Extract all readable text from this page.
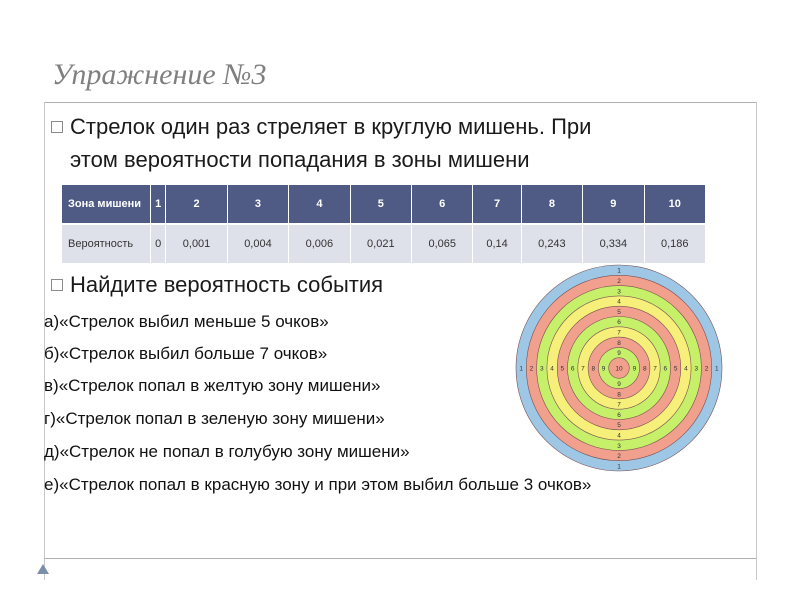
Упражнение №3
Стрелок один раз стреляет в круглую мишень. При
этом вероятности попадания в зоны мишени
Зона мишени	1	2	3	4	5	6	7	8	9	10
Вероятность	0	0,001	0,004	0,006	0,021	0,065	0,14	0,243	0,334	0,186
Найдите вероятность события
а)«Стрелок выбил меньше 5 очков»
б)«Стрелок выбил больше 7 очков»
в)«Стрелок попал в желтую зону мишени»
г)«Стрелок попал в зеленую зону мишени»
д)«Стрелок не попал в голубую зону мишени»
е)«Стрелок попал в красную зону и при этом выбил больше 3 очков»
1
1
1	1
2
2
2	2
3
3
3	3
4
4
4	4
5
5
5	5
6
6
6	6
7
7
7	7
8
8
8	8
9
9
9	9
10
